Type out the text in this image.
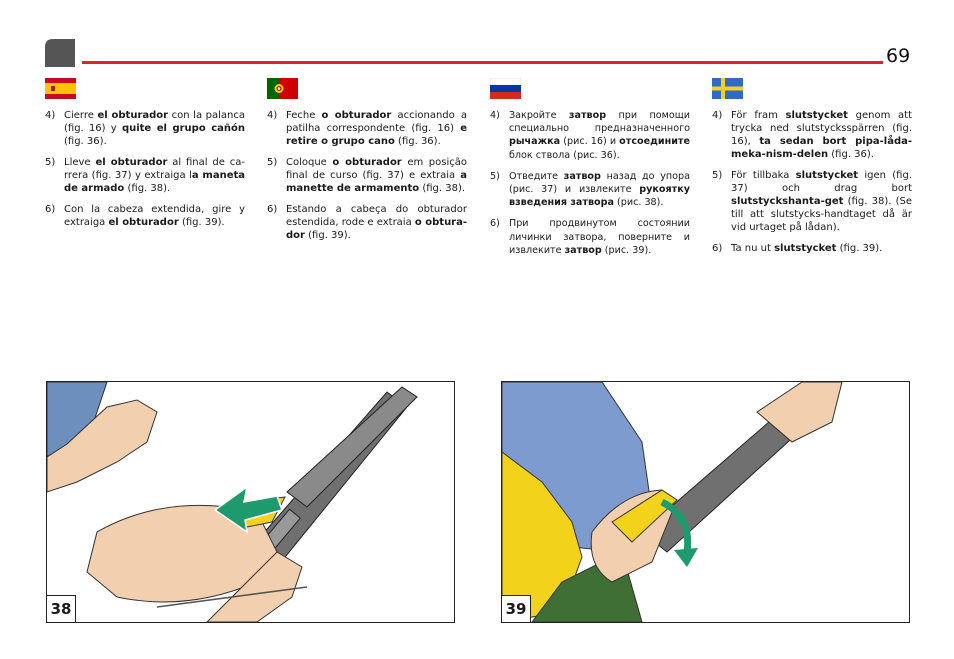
69
4) Cierre el obturador con la palanca (fig. 16) y quite el grupo cañón (fig. 36).
5) Lleve el obturador al final de ca-rrera (fig. 37) y extraiga la maneta de armado (fig. 38).
6) Con la cabeza extendida, gire y extraiga el obturador (fig. 39).
4) Feche o obturador accionando a patilha correspondente (fig. 16) e retire o grupo cano (fig. 36).
5) Coloque o obturador em posição final de curso (fig. 37) e extraia a manette de armamento (fig. 38).
6) Estando a cabeça do obturador estendida, rode e extraia o obtura-dor (fig. 39).
4) Закройте затвор при помощи специально предназначенного рычажка (рис. 16) и отсоедините блок ствола (рис. 36).
5) Отведите затвор назад до упора (рис. 37) и извлеките рукоятку взведения затвора (рис. 38).
6) При продвинутом состоянии личинки затвора, поверните и извлеките затвор (рис. 39).
4) För fram slutstycket genom att trycka ned slutstycksspärren (fig. 16), ta sedan bort pipa-låda-meka-nism-delen (fig. 36).
5) För tillbaka slutstycket igen (fig. 37) och drag bort slutstyckshanta-get (fig. 38). (Se till att slutstycks-handtaget då är vid urtaget på lådan).
6) Ta nu ut slutstycket (fig. 39).
38	39
